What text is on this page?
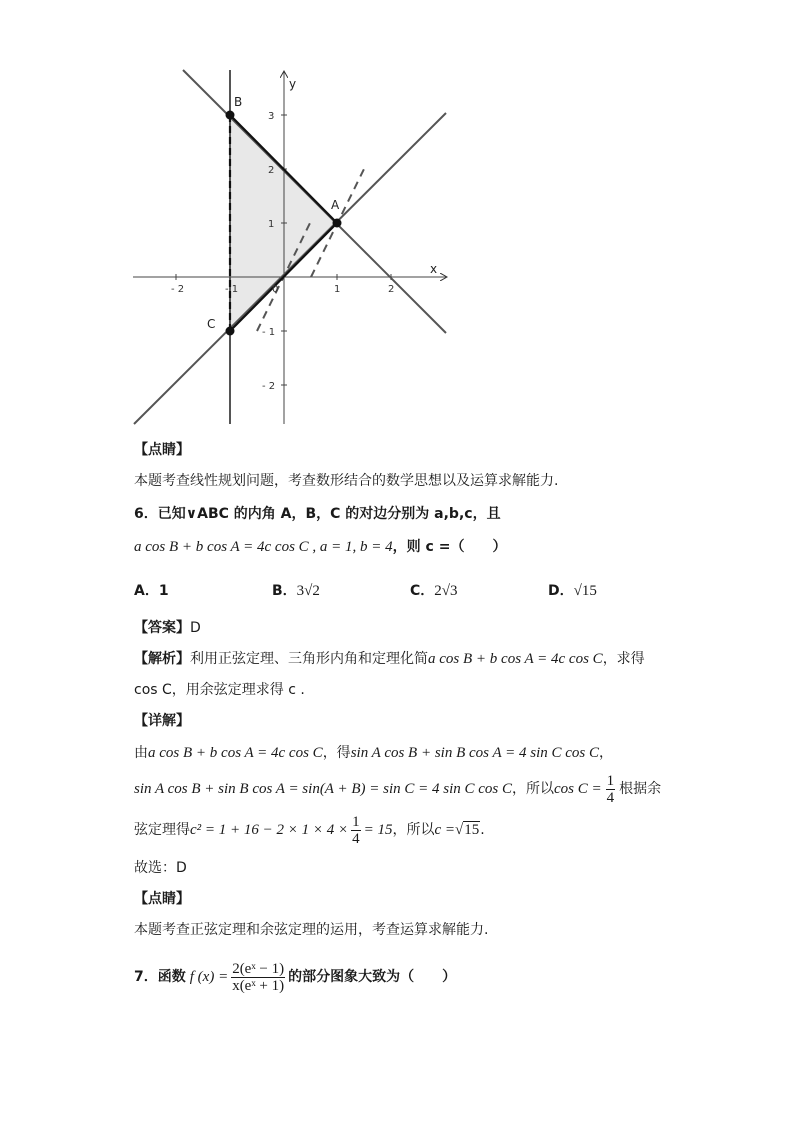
B
A
C
x
y
- 2	- 1	0	1	2
3
2
1
- 1
- 2
【点睛】
本题考查线性规划问题，考查数形结合的数学思想以及运算求解能力.
6．已知∨ABC 的内角 A，B，C 的对边分别为 a,b,c，且
a cos B + b cos A = 4c cos C , a = 1, b = 4，则 c =（　　）
A．1	B．3√2	C．2√3	D．√15
【答案】D
【解析】利用正弦定理、三角形内角和定理化简a cos B + b cos A = 4c cos C，求得
cos C，用余弦定理求得 c .
【详解】
由a cos B + b cos A = 4c cos C，得sin A cos B + sin B cos A = 4 sin C cos C，
sin A cos B + sin B cos A = sin(A + B) = sin C = 4 sin C cos C ，所以 $\cos C = \frac{1}{4}$ 根据余
弦定理得 $c^2 = 1 + 16 - 2 \times 1 \times 4 \times \frac{1}{4} = 15$ ，所以 c = √15 .
故选：D
【点睛】
本题考查正弦定理和余弦定理的运用，考查运算求解能力.
7．函数 f $(x) = \frac{\text{2(eˣ − 1)}}{\text{x(eˣ + 1)}}$ 的部分图象大致为（　　）
